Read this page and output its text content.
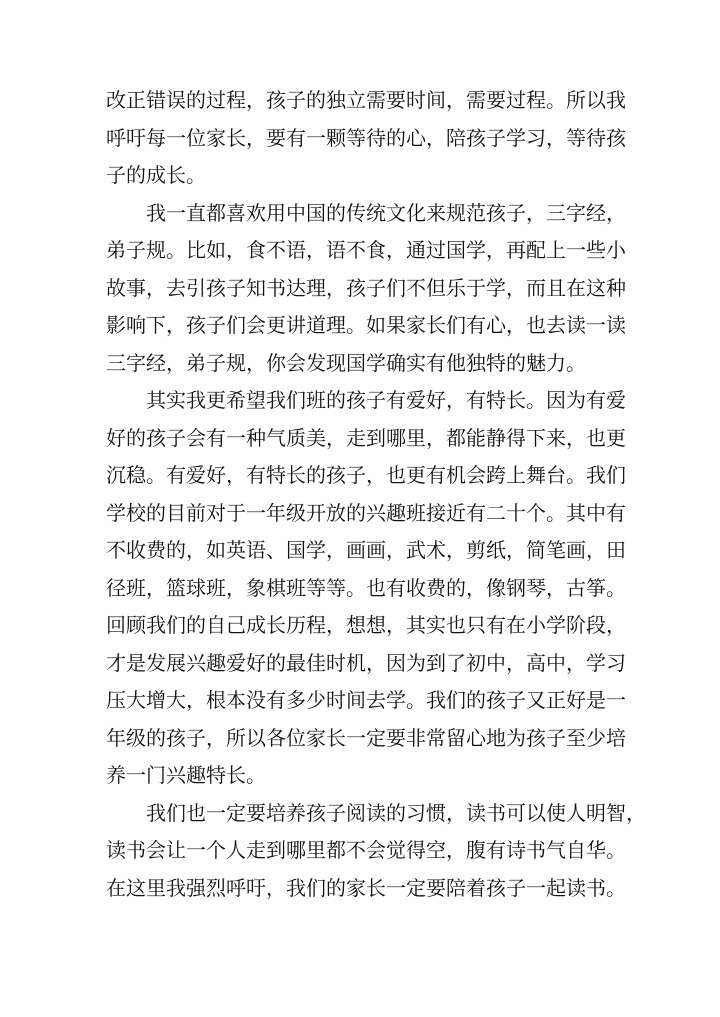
改正错误的过程，孩子的独立需要时间，需要过程。所以我
呼吁每一位家长，要有一颗等待的心，陪孩子学习，等待孩
子的成长。
我一直都喜欢用中国的传统文化来规范孩子，三字经，
弟子规。比如，食不语，语不食，通过国学，再配上一些小
故事，去引孩子知书达理，孩子们不但乐于学，而且在这种
影响下，孩子们会更讲道理。如果家长们有心，也去读一读
三字经，弟子规，你会发现国学确实有他独特的魅力。
其实我更希望我们班的孩子有爱好，有特长。因为有爱
好的孩子会有一种气质美，走到哪里，都能静得下来，也更
沉稳。有爱好，有特长的孩子，也更有机会跨上舞台。我们
学校的目前对于一年级开放的兴趣班接近有二十个。其中有
不收费的，如英语、国学，画画，武术，剪纸，简笔画，田
径班，篮球班，象棋班等等。也有收费的，像钢琴，古筝。
回顾我们的自己成长历程，想想，其实也只有在小学阶段，
才是发展兴趣爱好的最佳时机，因为到了初中，高中，学习
压大增大，根本没有多少时间去学。我们的孩子又正好是一
年级的孩子，所以各位家长一定要非常留心地为孩子至少培
养一门兴趣特长。
我们也一定要培养孩子阅读的习惯，读书可以使人明智，
读书会让一个人走到哪里都不会觉得空，腹有诗书气自华。
在这里我强烈呼吁，我们的家长一定要陪着孩子一起读书。
